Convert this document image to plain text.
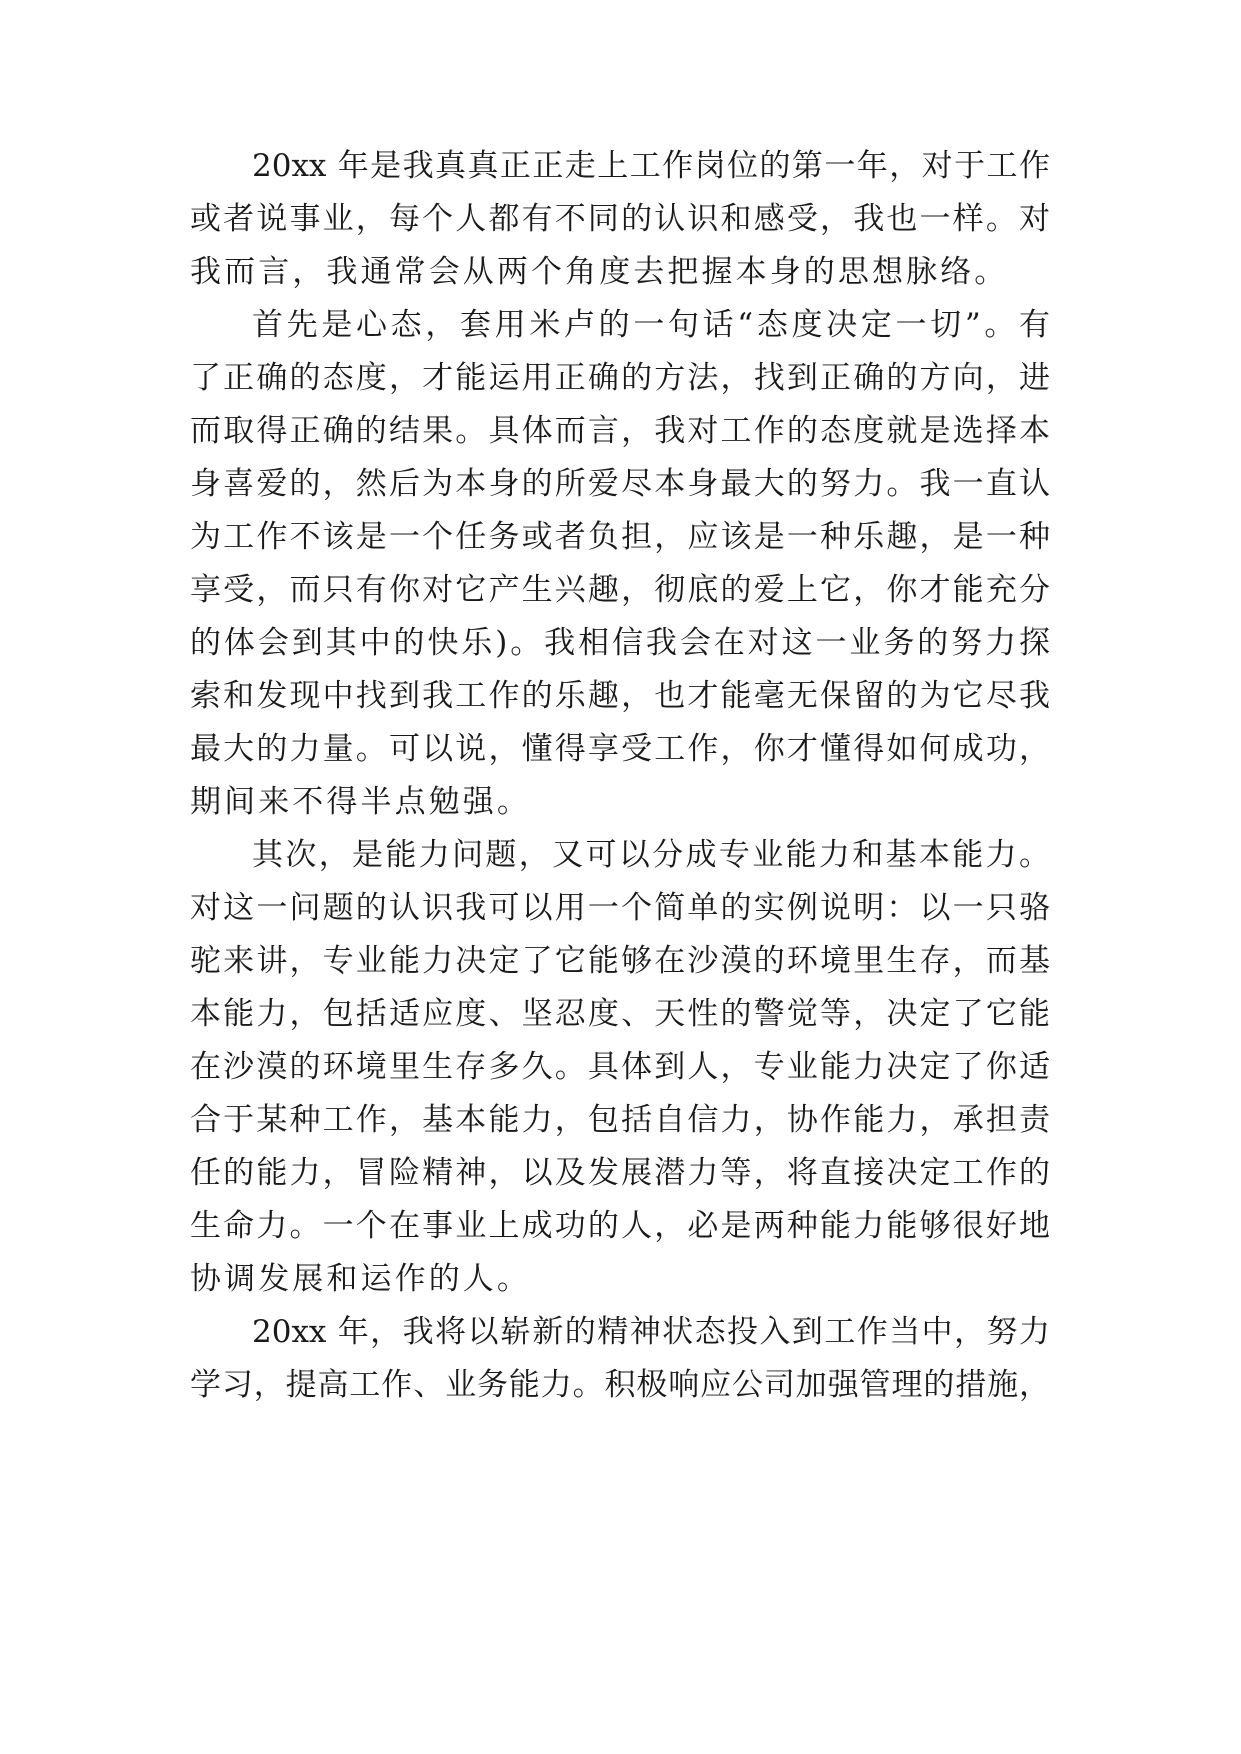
20xx 年是我真真正正走上工作岗位的第一年，对于工作
或者说事业，每个人都有不同的认识和感受，我也一样。对
我而言，我通常会从两个角度去把握本身的思想脉络。
首先是心态，套用米卢的一句话“态度决定一切”。有
了正确的态度，才能运用正确的方法，找到正确的方向，进
而取得正确的结果。具体而言，我对工作的态度就是选择本
身喜爱的，然后为本身的所爱尽本身最大的努力。我一直认
为工作不该是一个任务或者负担，应该是一种乐趣，是一种
享受，而只有你对它产生兴趣，彻底的爱上它，你才能充分
的体会到其中的快乐)。我相信我会在对这一业务的努力探
索和发现中找到我工作的乐趣，也才能毫无保留的为它尽我
最大的力量。可以说，懂得享受工作，你才懂得如何成功，
期间来不得半点勉强。
其次，是能力问题，又可以分成专业能力和基本能力。
对这一问题的认识我可以用一个简单的实例说明：以一只骆
驼来讲，专业能力决定了它能够在沙漠的环境里生存，而基
本能力，包括适应度、坚忍度、天性的警觉等，决定了它能
在沙漠的环境里生存多久。具体到人，专业能力决定了你适
合于某种工作，基本能力，包括自信力，协作能力，承担责
任的能力，冒险精神，以及发展潜力等，将直接决定工作的
生命力。一个在事业上成功的人，必是两种能力能够很好地
协调发展和运作的人。
20xx 年，我将以崭新的精神状态投入到工作当中，努力
学习，提高工作、业务能力。积极响应公司加强管理的措施，
